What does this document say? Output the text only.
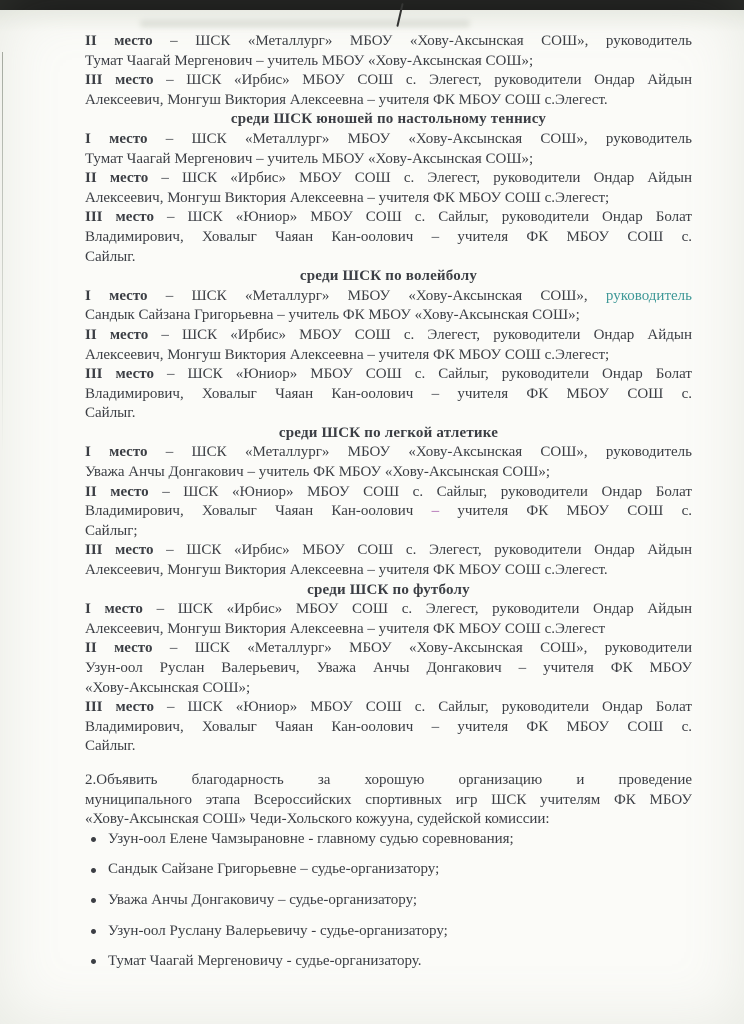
II место – ШСК «Металлург» МБОУ «Хову-Аксынская СОШ», руководитель
Тумат Чаагай Мергенович – учитель МБОУ «Хову-Аксынская СОШ»;
III место – ШСК «Ирбис» МБОУ СОШ с. Элегест, руководители Ондар Айдын
Алексеевич, Монгуш Виктория Алексеевна – учителя ФК МБОУ СОШ с.Элегест.
среди ШСК юношей по настольному теннису
I место – ШСК «Металлург» МБОУ «Хову-Аксынская СОШ», руководитель
Тумат Чаагай Мергенович – учитель МБОУ «Хову-Аксынская СОШ»;
II место – ШСК «Ирбис» МБОУ СОШ с. Элегест, руководители Ондар Айдын
Алексеевич, Монгуш Виктория Алексеевна – учителя ФК МБОУ СОШ с.Элегест;
III место – ШСК «Юниор» МБОУ СОШ с. Сайлыг, руководители Ондар Болат
Владимирович, Ховалыг Чаяан Кан-оолович – учителя ФК МБОУ СОШ с.
Сайлыг.
среди ШСК по волейболу
I место – ШСК «Металлург» МБОУ «Хову-Аксынская СОШ», руководитель
Сандык Сайзана Григорьевна – учитель ФК МБОУ «Хову-Аксынская СОШ»;
II место – ШСК «Ирбис» МБОУ СОШ с. Элегест, руководители Ондар Айдын
Алексеевич, Монгуш Виктория Алексеевна – учителя ФК МБОУ СОШ с.Элегест;
III место – ШСК «Юниор» МБОУ СОШ с. Сайлыг, руководители Ондар Болат
Владимирович, Ховалыг Чаяан Кан-оолович – учителя ФК МБОУ СОШ с.
Сайлыг.
среди ШСК по легкой атлетике
I место – ШСК «Металлург» МБОУ «Хову-Аксынская СОШ», руководитель
Уважа Анчы Донгакович – учитель ФК МБОУ «Хову-Аксынская СОШ»;
II место – ШСК «Юниор» МБОУ СОШ с. Сайлыг, руководители Ондар Болат
Владимирович, Ховалыг Чаяан Кан-оолович – учителя ФК МБОУ СОШ с.
Сайлыг;
III место – ШСК «Ирбис» МБОУ СОШ с. Элегест, руководители Ондар Айдын
Алексеевич, Монгуш Виктория Алексеевна – учителя ФК МБОУ СОШ с.Элегест.
среди ШСК по футболу
I место – ШСК «Ирбис» МБОУ СОШ с. Элегест, руководители Ондар Айдын
Алексеевич, Монгуш Виктория Алексеевна – учителя ФК МБОУ СОШ с.Элегест
II место – ШСК «Металлург» МБОУ «Хову-Аксынская СОШ», руководители
Узун-оол Руслан Валерьевич, Уважа Анчы Донгакович – учителя ФК МБОУ
«Хову-Аксынская СОШ»;
III место – ШСК «Юниор» МБОУ СОШ с. Сайлыг, руководители Ондар Болат
Владимирович, Ховалыг Чаяан Кан-оолович – учителя ФК МБОУ СОШ с.
Сайлыг.
2.Объявить благодарность за хорошую организацию и проведение
муниципального этапа Всероссийских спортивных игр ШСК учителям ФК МБОУ
«Хову-Аксынская СОШ» Чеди-Хольского кожууна, судейской комиссии:
Узун-оол Елене Чамзырановне - главному судью соревнования;
Сандык Сайзане Григорьевне – судье-организатору;
Уважа Анчы Донгаковичу – судье-организатору;
Узун-оол Руслану Валерьевичу - судье-организатору;
Тумат Чаагай Мергеновичу - судье-организатору.
